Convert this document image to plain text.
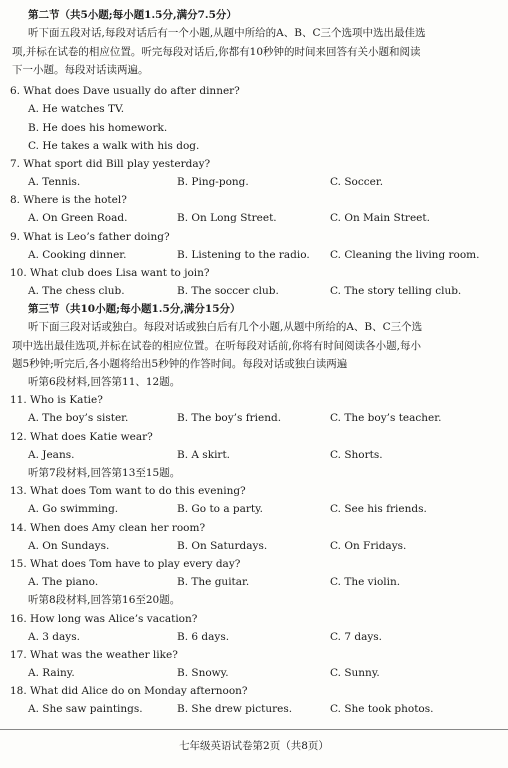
第二节（共5小题;每小题1.5分,满分7.5分）
听下面五段对话,每段对话后有一个小题,从题中所给的A、B、C三个选项中选出最佳选
项,并标在试卷的相应位置。听完每段对话后,你都有10秒钟的时间来回答有关小题和阅读
下一小题。每段对话读两遍。
6. What does Dave usually do after dinner?
A. He watches TV.
B. He does his homework.
C. He takes a walk with his dog.
7. What sport did Bill play yesterday?
A. Tennis.	B. Ping-pong.	C. Soccer.
8. Where is the hotel?
A. On Green Road.	B. On Long Street.	C. On Main Street.
9. What is Leo’s father doing?
A. Cooking dinner.	B. Listening to the radio. C. Cleaning the living room.
10. What club does Lisa want to join?
A. The chess club.	B. The soccer club.	C. The story telling club.
第三节（共10小题;每小题1.5分,满分15分）
听下面三段对话或独白。每段对话或独白后有几个小题,从题中所给的A、B、C三个选
项中选出最佳选项,并标在试卷的相应位置。在听每段对话前,你将有时间阅读各小题,每小
题5秒钟;听完后,各小题将给出5秒钟的作答时间。每段对话或独白读两遍
听第6段材料,回答第11、12题。
11. Who is Katie?
A. The boy’s sister.	B. The boy’s friend.	C. The boy’s teacher.
12. What does Katie wear?
A. Jeans.	B. A skirt.	C. Shorts.
听第7段材料,回答第13至15题。
13. What does Tom want to do this evening?
A. Go swimming.	B. Go to a party.	C. See his friends.
14. When does Amy clean her room?
A. On Sundays.	B. On Saturdays.	C. On Fridays.
15. What does Tom have to play every day?
A. The piano.	B. The guitar.	C. The violin.
听第8段材料,回答第16至20题。
16. How long was Alice’s vacation?
A. 3 days.	B. 6 days.	C. 7 days.
17. What was the weather like?
A. Rainy.	B. Snowy.	C. Sunny.
18. What did Alice do on Monday afternoon?
A. She saw paintings.	B. She drew pictures.	C. She took photos.
七年级英语试卷第2页（共8页）
